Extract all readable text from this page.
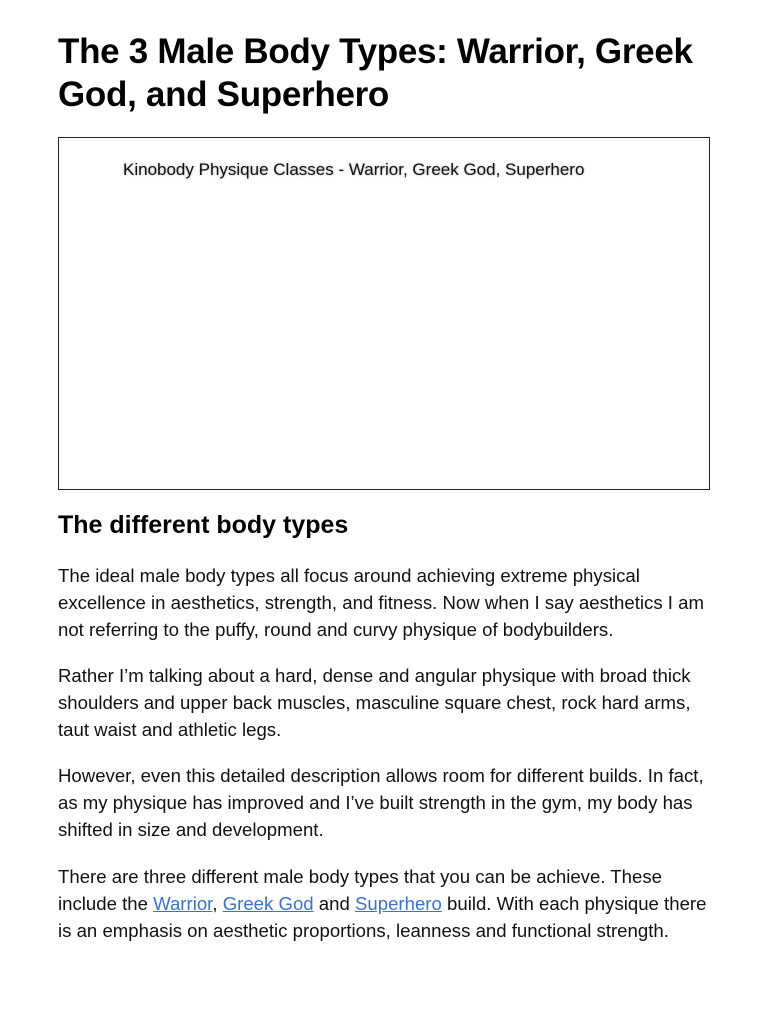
The 3 Male Body Types: Warrior, Greek God, and Superhero
Kinobody Physique Classes - Warrior, Greek God, Superhero
The different body types

The ideal male body types all focus around achieving extreme physical excellence in aesthetics, strength, and fitness. Now when I say aesthetics I am not referring to the puffy, round and curvy physique of bodybuilders.

Rather I’m talking about a hard, dense and angular physique with broad thick shoulders and upper back muscles, masculine square chest, rock hard arms, taut waist and athletic legs.

However, even this detailed description allows room for different builds. In fact, as my physique has improved and I’ve built strength in the gym, my body has shifted in size and development.

There are three different male body types that you can be achieve. These include the Warrior, Greek God and Superhero build. With each physique there is an emphasis on aesthetic proportions, leanness and functional strength.
